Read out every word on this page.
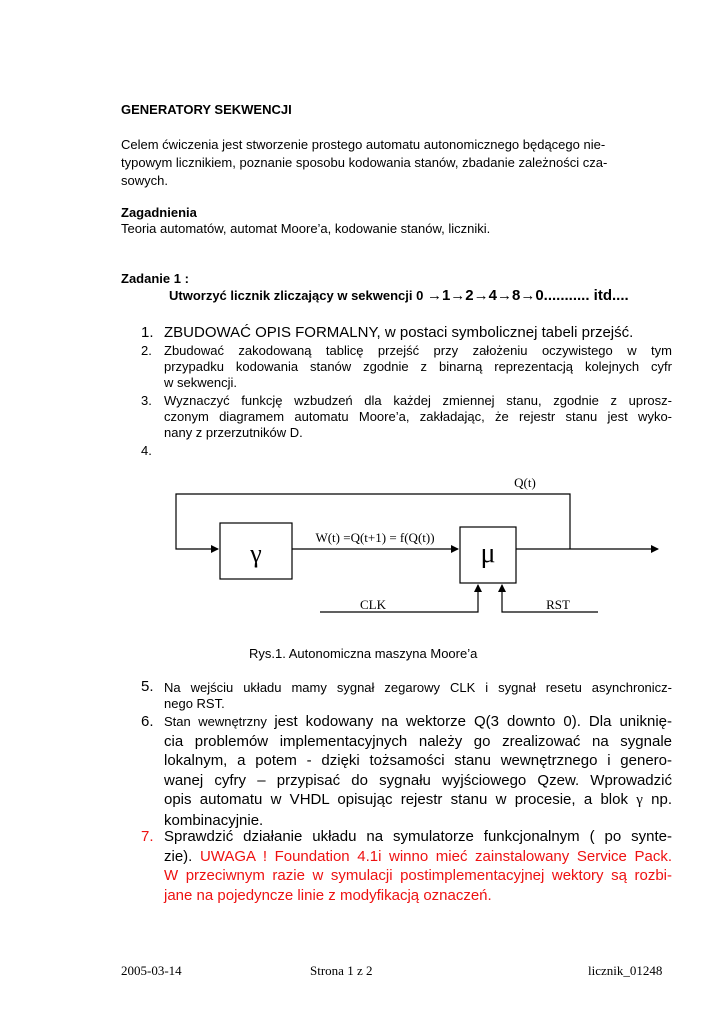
GENERATORY SEKWENCJI
Celem ćwiczenia jest stworzenie prostego automatu autonomicznego będącego nie-
typowym licznikiem, poznanie sposobu kodowania stanów, zbadanie zależności cza-
sowych.
Zagadnienia
Teoria automatów, automat Moore’a, kodowanie stanów, liczniki.
Zadanie 1 :
Utworzyć licznik zliczający w sekwencji 0 →1→2→4→8→0........... itd....
1. ZBUDOWAĆ OPIS FORMALNY, w postaci symbolicznej tabeli przejść.
2. Zbudować zakodowaną tablicę przejść przy założeniu oczywistego w tym
przypadku kodowania stanów zgodnie z binarną reprezentacją kolejnych cyfr
w sekwencji.
3. Wyznaczyć funkcję wzbudzeń dla każdej zmiennej stanu, zgodnie z uprosz-
czonym diagramem automatu Moore’a, zakładając, że rejestr stanu jest wyko-
nany z przerzutników D.
4.
γ
W(t) =Q(t+1) = f(Q(t))
μ
Q(t)
CLK	RST
Rys.1. Autonomiczna maszyna Moore’a
5. Na wejściu układu mamy sygnał zegarowy CLK i sygnał resetu asynchronicz-
nego RST.
6. Stan wewnętrzny jest kodowany na wektorze Q(3 downto 0). Dla uniknię-
cia problemów implementacyjnych należy go zrealizować na sygnale
lokalnym, a potem - dzięki tożsamości stanu wewnętrznego i genero-
wanej cyfry – przypisać do sygnału wyjściowego Qzew. Wprowadzić
opis automatu w VHDL opisując rejestr stanu w procesie, a blok γ np.
kombinacyjnie.
7. Sprawdzić działanie układu na symulatorze funkcjonalnym ( po synte-
zie). UWAGA ! Foundation 4.1i winno mieć zainstalowany Service Pack.
W przeciwnym razie w symulacji postimplementacyjnej wektory są rozbi-
jane na pojedyncze linie z modyfikacją oznaczeń.
2005-03-14	Strona 1 z 2	licznik_01248
